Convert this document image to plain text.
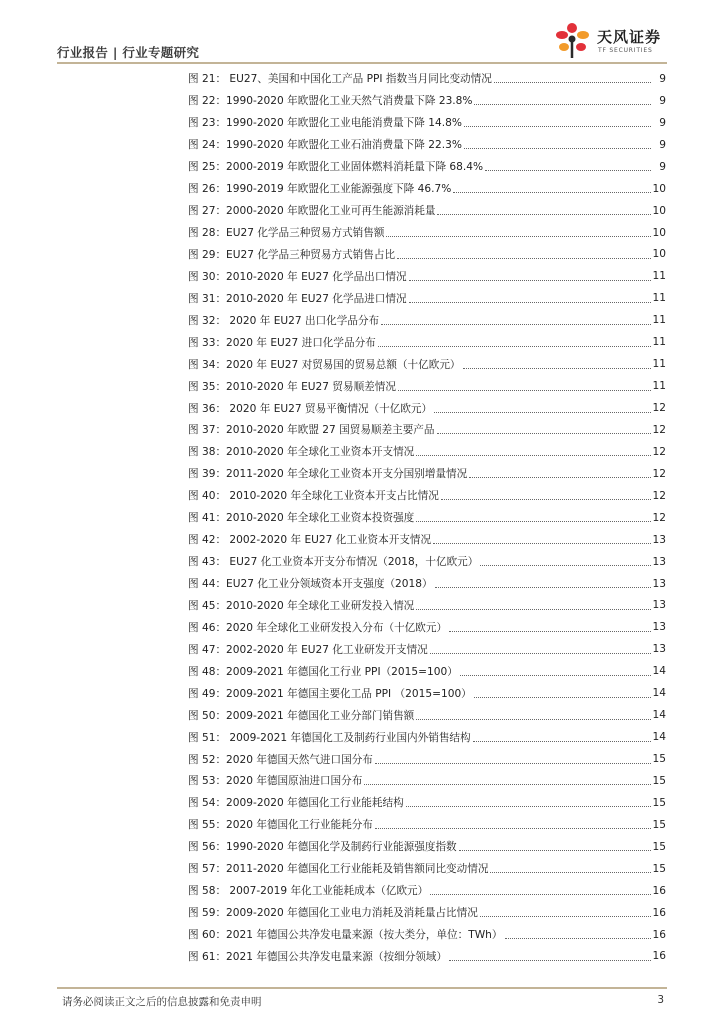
行业报告 | 行业专题研究
天风证券
TF SECURITIES
图 21： EU27、美国和中国化工产品 PPI 指数当月同比变动情况	9
图 22：1990-2020 年欧盟化工业天然气消费量下降 23.8%	9
图 23：1990-2020 年欧盟化工业电能消费量下降 14.8%	9
图 24：1990-2020 年欧盟化工业石油消费量下降 22.3%	9
图 25：2000-2019 年欧盟化工业固体燃料消耗量下降 68.4%	9
图 26：1990-2019 年欧盟化工业能源强度下降 46.7%	10
图 27：2000-2020 年欧盟化工业可再生能源消耗量	10
图 28：EU27 化学品三种贸易方式销售额	10
图 29：EU27 化学品三种贸易方式销售占比	10
图 30：2010-2020 年 EU27 化学品出口情况	11
图 31：2010-2020 年 EU27 化学品进口情况	11
图 32： 2020 年 EU27 出口化学品分布	11
图 33：2020 年 EU27 进口化学品分布	11
图 34：2020 年 EU27 对贸易国的贸易总额（十亿欧元）	11
图 35：2010-2020 年 EU27 贸易顺差情况	11
图 36： 2020 年 EU27 贸易平衡情况（十亿欧元）	12
图 37：2010-2020 年欧盟 27 国贸易顺差主要产品	12
图 38：2010-2020 年全球化工业资本开支情况	12
图 39：2011-2020 年全球化工业资本开支分国别增量情况	12
图 40： 2010-2020 年全球化工业资本开支占比情况	12
图 41：2010-2020 年全球化工业资本投资强度	12
图 42： 2002-2020 年 EU27 化工业资本开支情况	13
图 43： EU27 化工业资本开支分布情况（2018，十亿欧元）	13
图 44：EU27 化工业分领域资本开支强度（2018）	13
图 45：2010-2020 年全球化工业研发投入情况	13
图 46：2020 年全球化工业研发投入分布（十亿欧元）	13
图 47：2002-2020 年 EU27 化工业研发开支情况	13
图 48：2009-2021 年德国化工行业 PPI（2015=100）	14
图 49：2009-2021 年德国主要化工品 PPI （2015=100）	14
图 50：2009-2021 年德国化工业分部门销售额	14
图 51： 2009-2021 年德国化工及制药行业国内外销售结构	14
图 52：2020 年德国天然气进口国分布	15
图 53：2020 年德国原油进口国分布	15
图 54：2009-2020 年德国化工行业能耗结构	15
图 55：2020 年德国化工行业能耗分布	15
图 56：1990-2020 年德国化学及制药行业能源强度指数	15
图 57：2011-2020 年德国化工行业能耗及销售额同比变动情况	15
图 58： 2007-2019 年化工业能耗成本（亿欧元）	16
图 59：2009-2020 年德国化工业电力消耗及消耗量占比情况	16
图 60：2021 年德国公共净发电量来源（按大类分，单位：TWh）	16
图 61：2021 年德国公共净发电量来源（按细分领域）	16
请务必阅读正文之后的信息披露和免责申明	3
